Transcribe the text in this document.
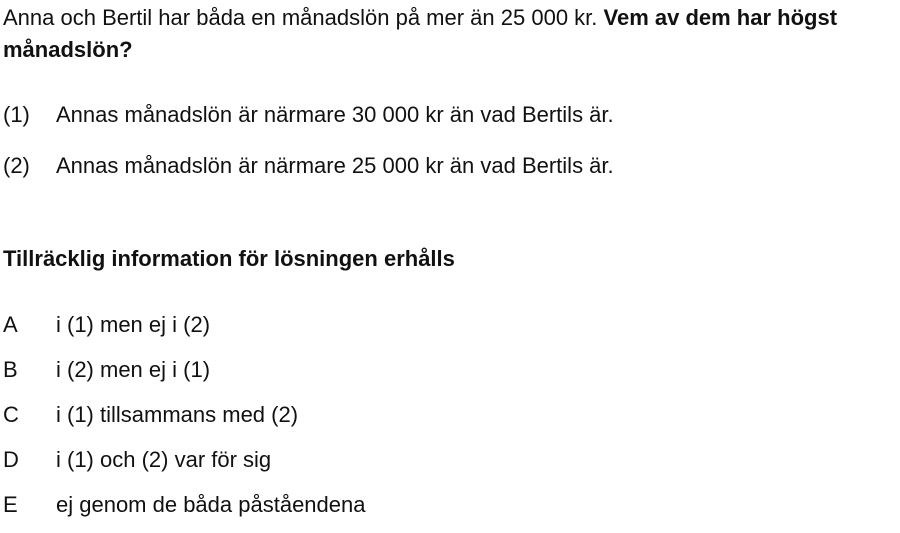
Anna och Bertil har båda en månadslön på mer än 25 000 kr. Vem av dem har högst månadslön?
(1)	Annas månadslön är närmare 30 000 kr än vad Bertils är.
(2)	Annas månadslön är närmare 25 000 kr än vad Bertils är.
Tillräcklig information för lösningen erhålls
A	i (1) men ej i (2)
B	i (2) men ej i (1)
C	i (1) tillsammans med (2)
D	i (1) och (2) var för sig
E	ej genom de båda påståendena
